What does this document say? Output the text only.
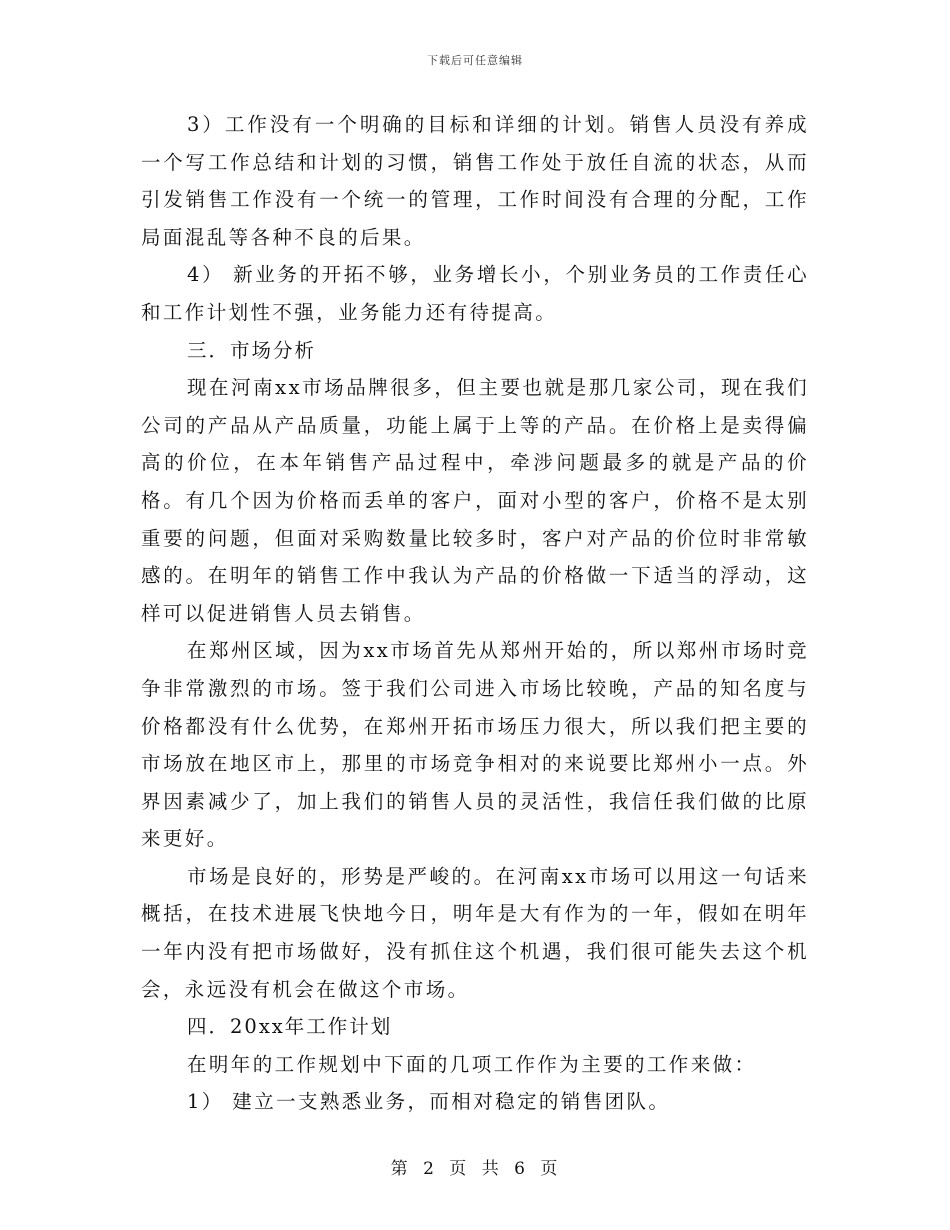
下载后可任意编辑

3）工作没有一个明确的目标和详细的计划。销售人员没有养成一个写工作总结和计划的习惯，销售工作处于放任自流的状态，从而引发销售工作没有一个统一的管理，工作时间没有合理的分配，工作局面混乱等各种不良的后果。

4） 新业务的开拓不够，业务增长小，个别业务员的工作责任心和工作计划性不强，业务能力还有待提高。

三．市场分析

现在河南xx市场品牌很多，但主要也就是那几家公司，现在我们公司的产品从产品质量，功能上属于上等的产品。在价格上是卖得偏高的价位，在本年销售产品过程中，牵涉问题最多的就是产品的价格。有几个因为价格而丢单的客户，面对小型的客户，价格不是太别重要的问题，但面对采购数量比较多时，客户对产品的价位时非常敏感的。在明年的销售工作中我认为产品的价格做一下适当的浮动，这样可以促进销售人员去销售。

在郑州区域，因为xx市场首先从郑州开始的，所以郑州市场时竞争非常激烈的市场。签于我们公司进入市场比较晚，产品的知名度与价格都没有什么优势，在郑州开拓市场压力很大，所以我们把主要的市场放在地区市上，那里的市场竞争相对的来说要比郑州小一点。外界因素减少了，加上我们的销售人员的灵活性，我信任我们做的比原来更好。

市场是良好的，形势是严峻的。在河南xx市场可以用这一句话来概括，在技术进展飞快地今日，明年是大有作为的一年，假如在明年一年内没有把市场做好，没有抓住这个机遇，我们很可能失去这个机会，永远没有机会在做这个市场。

四．20xx年工作计划

在明年的工作规划中下面的几项工作作为主要的工作来做：

1） 建立一支熟悉业务，而相对稳定的销售团队。

第 2 页 共 6 页
